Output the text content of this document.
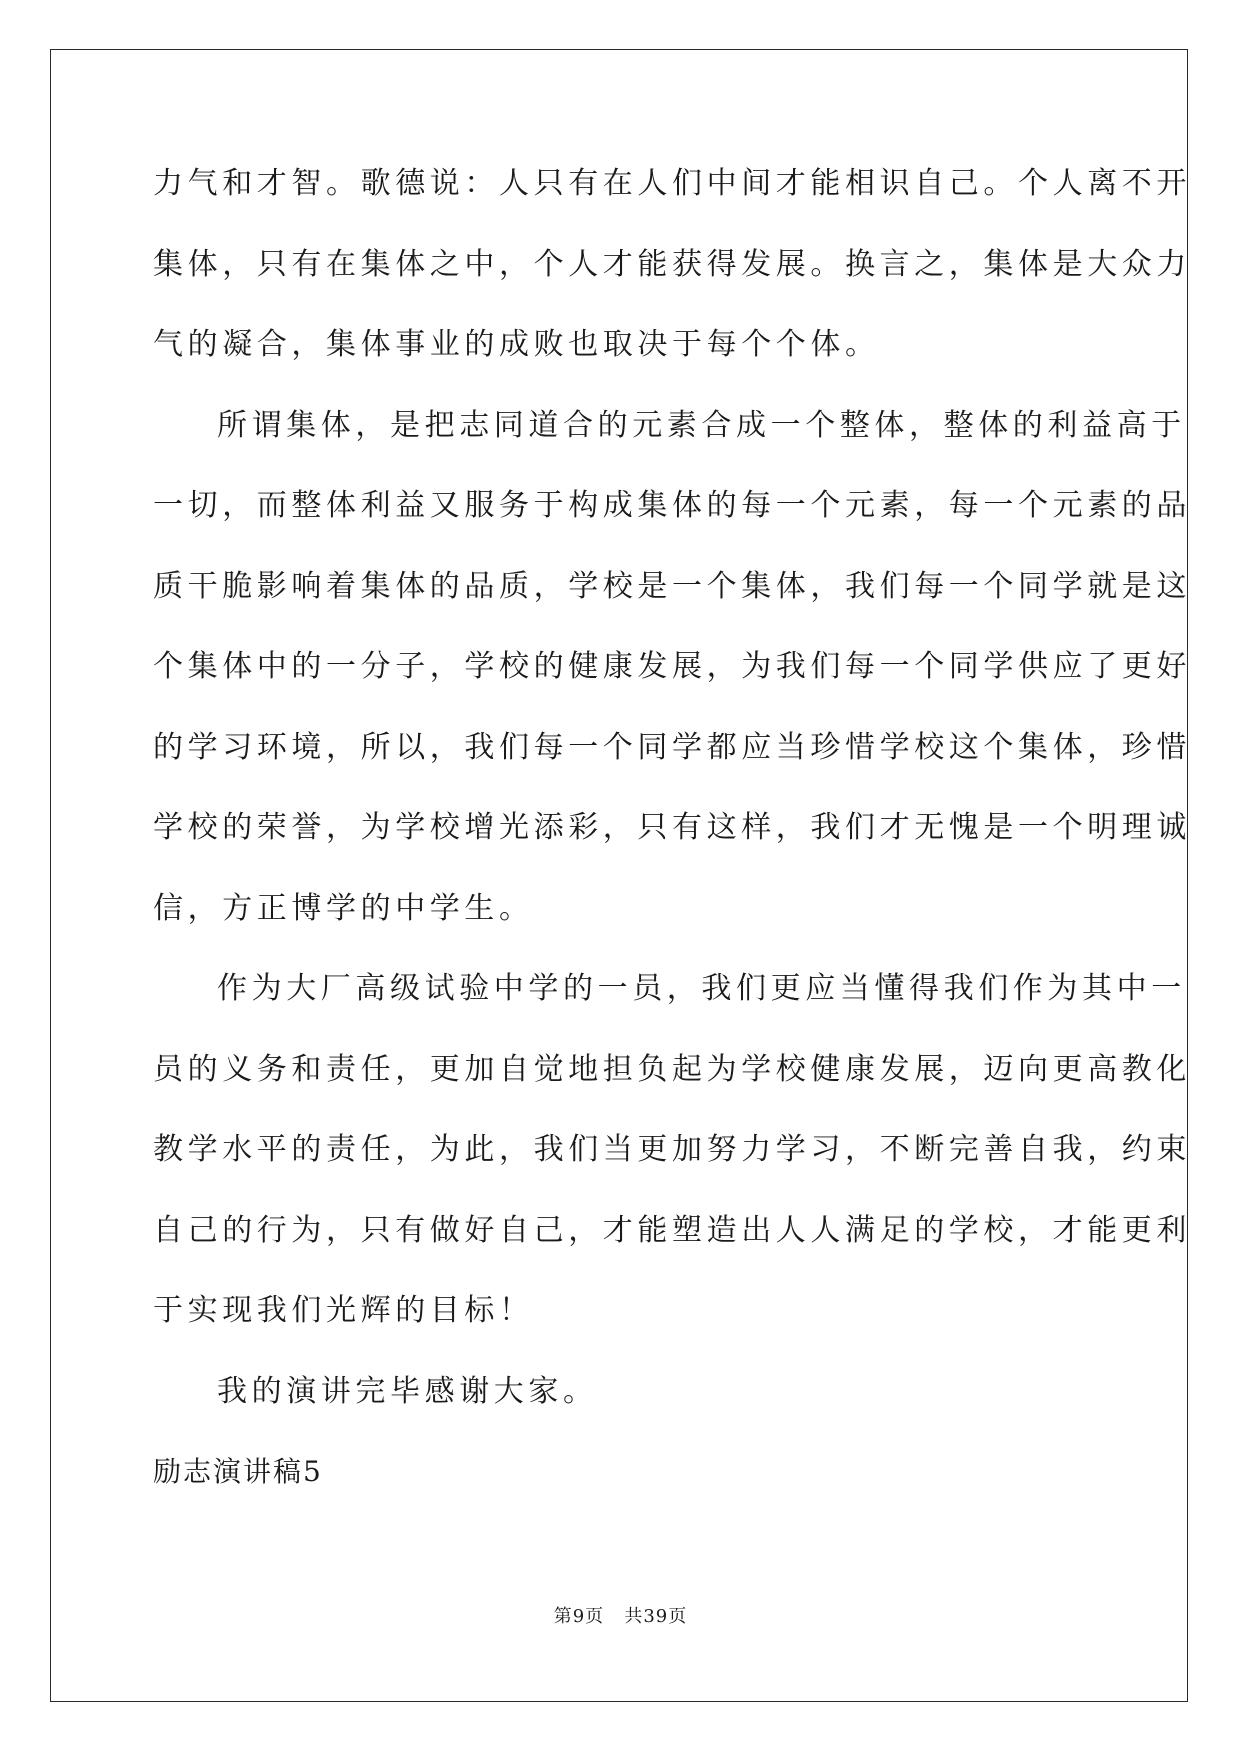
力气和才智。歌德说：人只有在人们中间才能相识自己。个人离不开
集体，只有在集体之中，个人才能获得发展。换言之，集体是大众力
气的凝合，集体事业的成败也取决于每个个体。
所谓集体，是把志同道合的元素合成一个整体，整体的利益高于
一切，而整体利益又服务于构成集体的每一个元素，每一个元素的品
质干脆影响着集体的品质，学校是一个集体，我们每一个同学就是这
个集体中的一分子，学校的健康发展，为我们每一个同学供应了更好
的学习环境，所以，我们每一个同学都应当珍惜学校这个集体，珍惜
学校的荣誉，为学校增光添彩，只有这样，我们才无愧是一个明理诚
信，方正博学的中学生。
作为大厂高级试验中学的一员，我们更应当懂得我们作为其中一
员的义务和责任，更加自觉地担负起为学校健康发展，迈向更高教化
教学水平的责任，为此，我们当更加努力学习，不断完善自我，约束
自己的行为，只有做好自己，才能塑造出人人满足的学校，才能更利
于实现我们光辉的目标！
我的演讲完毕感谢大家。
励志演讲稿5
第9页 共39页
